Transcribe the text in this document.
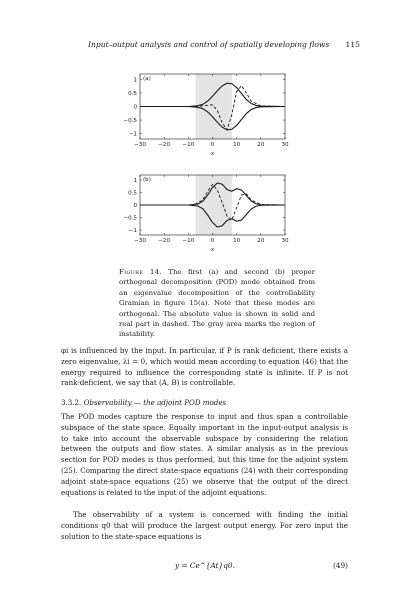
Input–output analysis and control of spatially developing flows 115
−30 −20 −10	0	10	20	30
1
0.5
0
−0.5
−1
(a)
x
−30 −20 −10	0	10	20	30
1
0.5
0
−0.5
−1
(b)
x
Figure 14. The first (a) and second (b) proper orthogonal decomposition (POD) mode obtained from an eigenvalue decomposition of the controllability Gramian in figure 15(a). Note that these modes are orthogonal. The absolute value is shown in solid and real part in dashed. The gray area marks the region of instability.
φi is influenced by the input. In particular, if P is rank deficient, there exists a zero eigenvalue, λi = 0, which would mean according to equation (46) that the energy required to influence the corresponding state is infinite. If P is not rank-deficient, we say that (A, B) is controllable.
3.3.2. Observability — the adjoint POD modes
The POD modes capture the response to input and thus span a controllable subspace of the state space. Equally important in the input-output analysis is to take into account the observable subspace by considering the relation between the outputs and flow states. A similar analysis as in the previous section for POD modes is thus performed, but this time for the adjoint system (25). Comparing the direct state-space equations (24) with their corresponding adjoint state-space equations (25) we observe that the output of the direct equations is related to the input of the adjoint equations.
The observability of a system is concerned with finding the initial conditions q0 that will produce the largest output energy. For zero input the solution to the state-space equations is
y = Ce^{At}q0.	(49)
